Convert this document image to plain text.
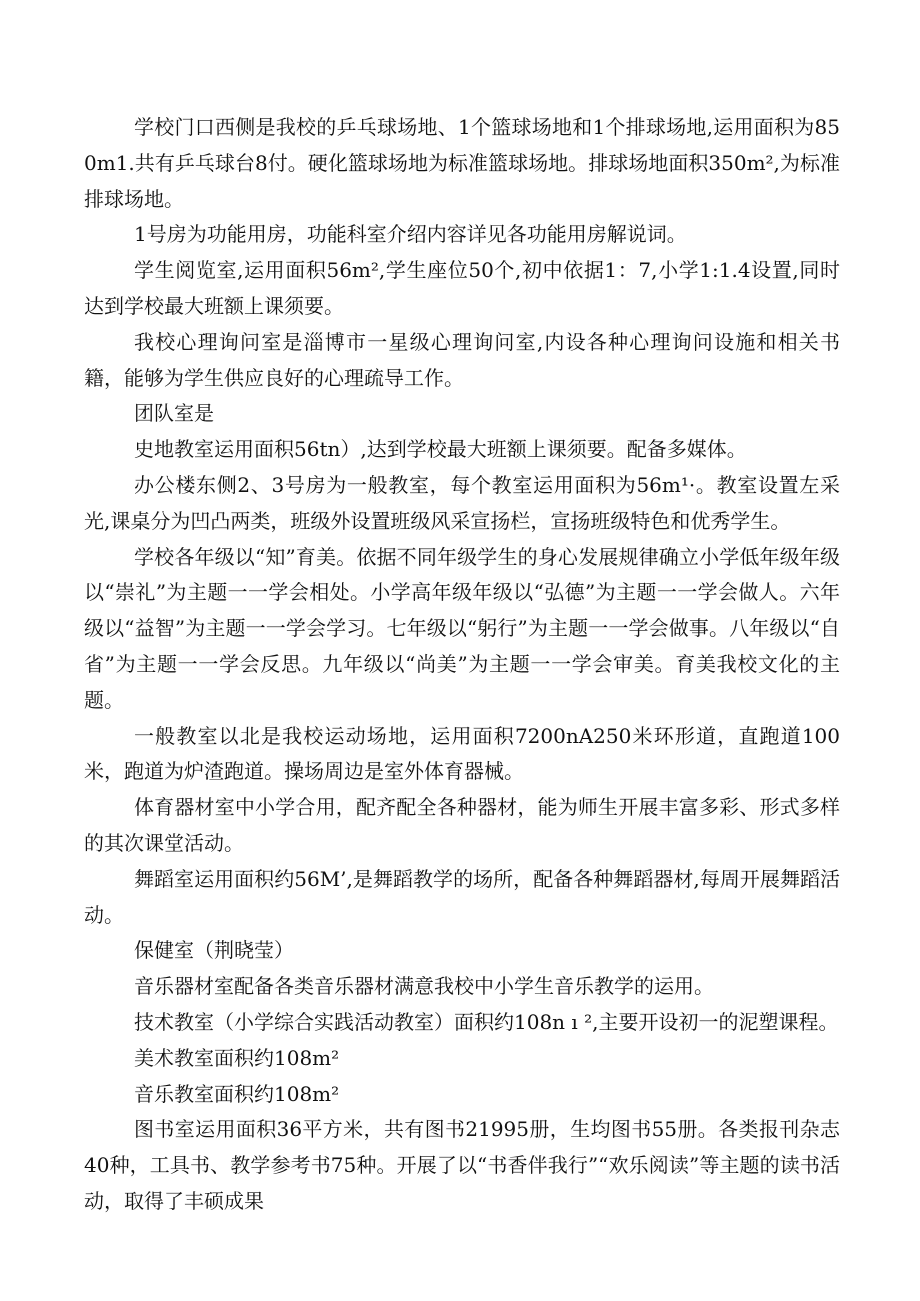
学校门口西侧是我校的乒乓球场地、1个篮球场地和1个排球场地,运用面积为850m1.共有乒乓球台8付。硬化篮球场地为标准篮球场地。排球场地面积350m²,为标准排球场地。

1号房为功能用房，功能科室介绍内容详见各功能用房解说词。

学生阅览室,运用面积56m²,学生座位50个,初中依据1：7,小学1:1.4设置,同时达到学校最大班额上课须要。

我校心理询问室是淄博市一星级心理询问室,内设各种心理询问设施和相关书籍，能够为学生供应良好的心理疏导工作。

团队室是

史地教室运用面积56tn）,达到学校最大班额上课须要。配备多媒体。

办公楼东侧2、3号房为一般教室，每个教室运用面积为56m¹·。教室设置左采光,课桌分为凹凸两类，班级外设置班级风采宣扬栏，宣扬班级特色和优秀学生。

学校各年级以“知”育美。依据不同年级学生的身心发展规律确立小学低年级年级以“崇礼”为主题一一学会相处。小学高年级年级以“弘德”为主题一一学会做人。六年级以“益智”为主题一一学会学习。七年级以“躬行”为主题一一学会做事。八年级以“自省”为主题一一学会反思。九年级以“尚美”为主题一一学会审美。育美我校文化的主题。

一般教室以北是我校运动场地，运用面积7200nA250米环形道，直跑道100米，跑道为炉渣跑道。操场周边是室外体育器械。

体育器材室中小学合用，配齐配全各种器材，能为师生开展丰富多彩、形式多样的其次课堂活动。

舞蹈室运用面积约56M’,是舞蹈教学的场所，配备各种舞蹈器材,每周开展舞蹈活动。

保健室（荆晓莹）

音乐器材室配备各类音乐器材满意我校中小学生音乐教学的运用。

技术教室（小学综合实践活动教室）面积约108n ı ²,主要开设初一的泥塑课程。

美术教室面积约108m²

音乐教室面积约108m²

图书室运用面积36平方米，共有图书21995册，生均图书55册。各类报刊杂志40种，工具书、教学参考书75种。开展了以“书香伴我行”“欢乐阅读”等主题的读书活动，取得了丰硕成果
